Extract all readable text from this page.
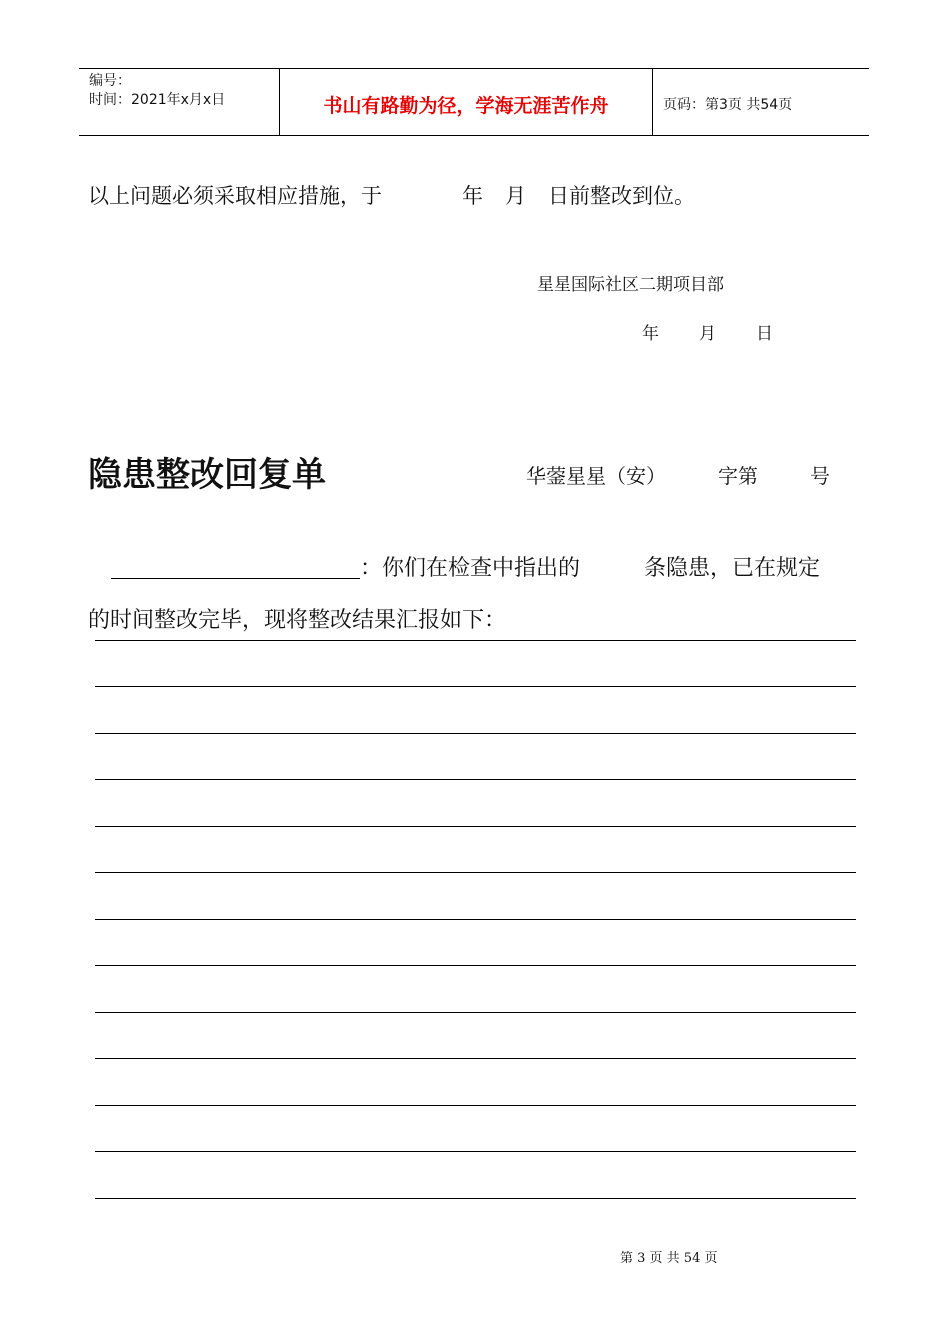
编号：
时间：2021年x月x日	书山有路勤为径，学海无涯苦作舟	页码：第3页 共54页
以上问题必须采取相应措施，于	年 月 日前整改到位。
星星国际社区二期项目部
年 月 日
隐患整改回复单	华蓥星星（安）	字第	号
：你们在检查中指出的	条隐患，已在规定
的时间整改完毕，现将整改结果汇报如下：
第 3 页 共 54 页
